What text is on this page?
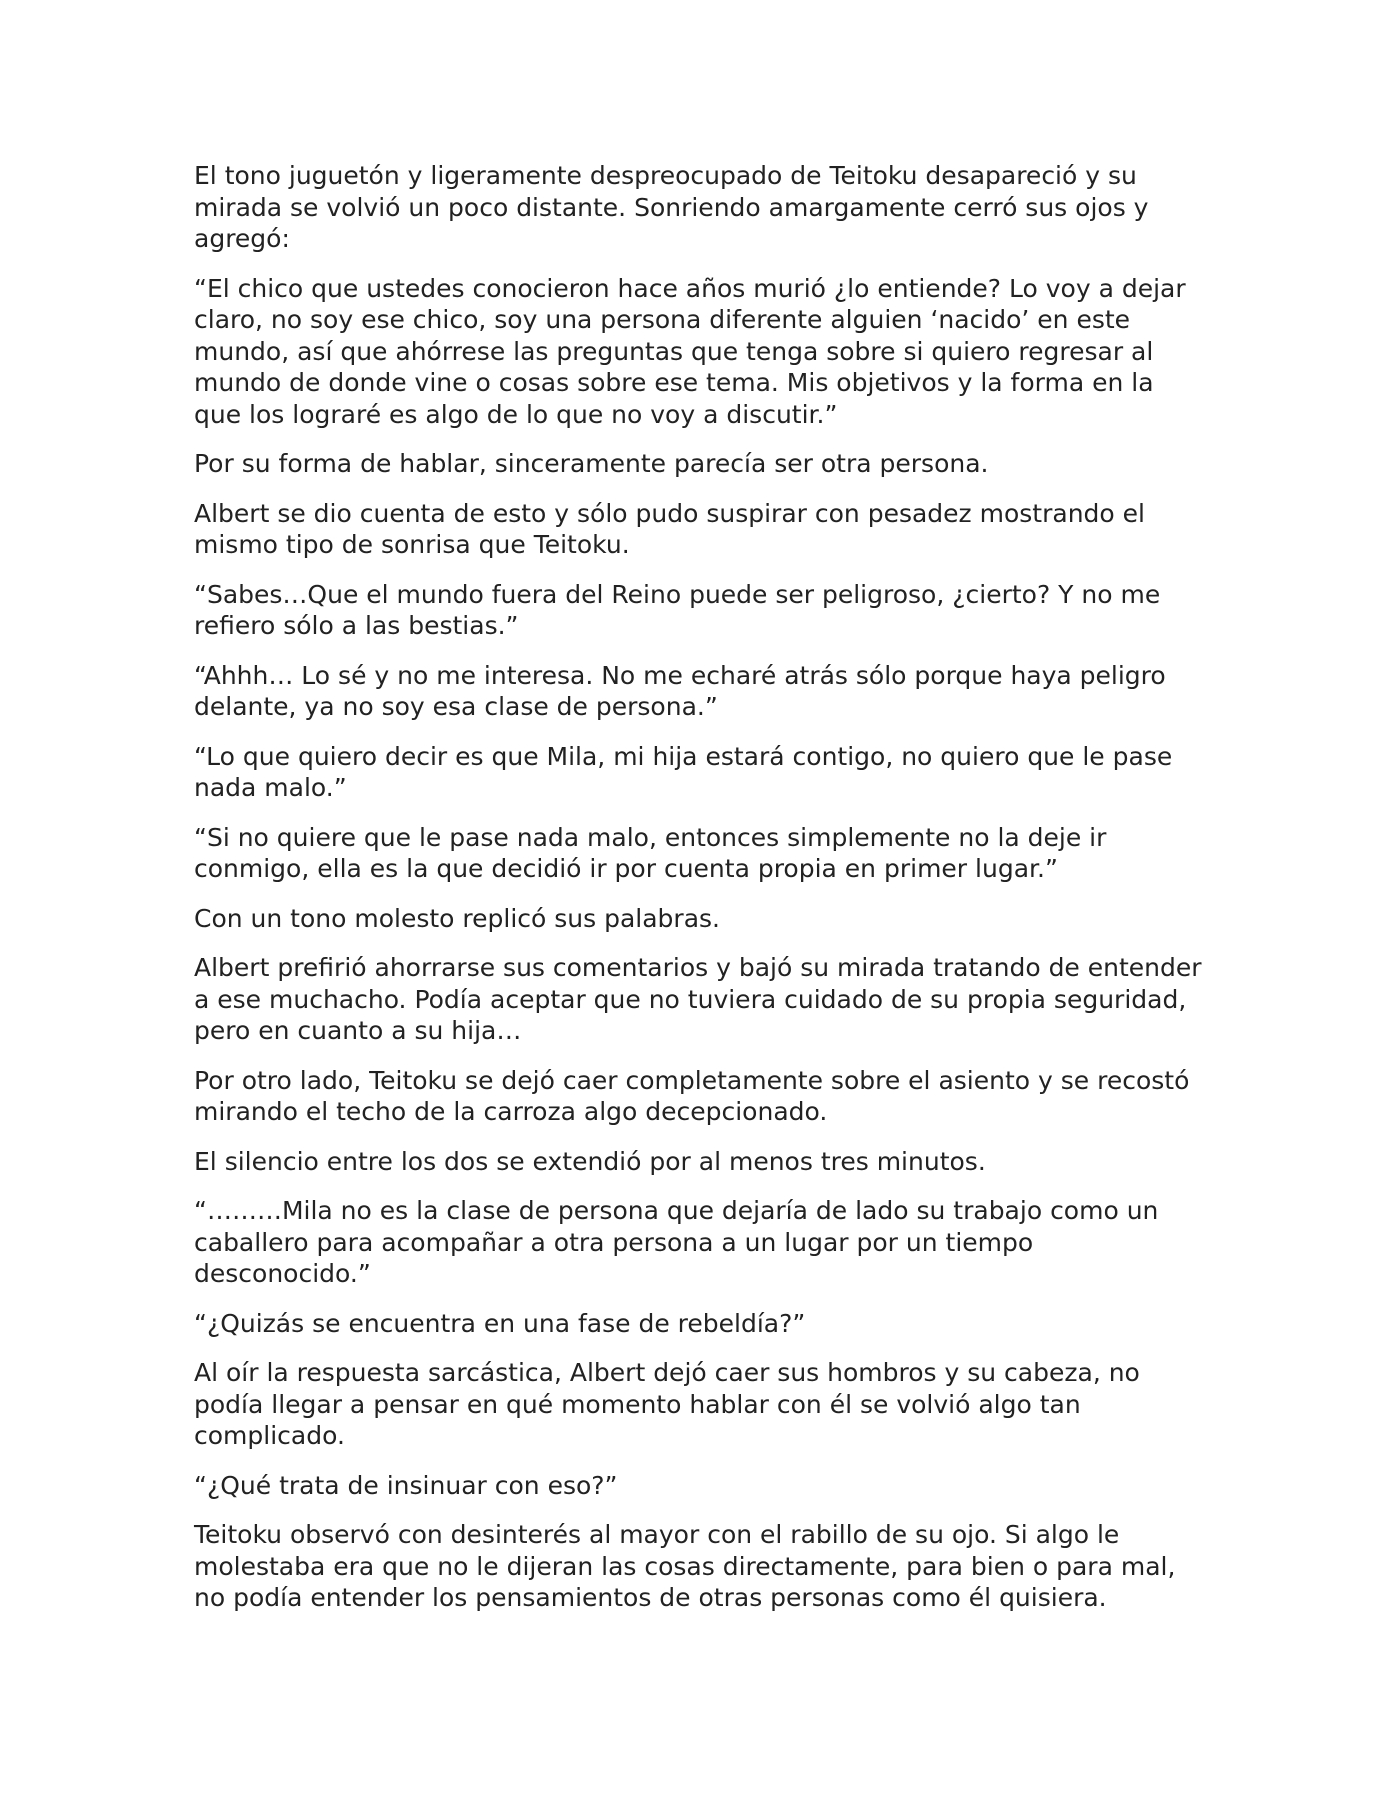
El tono juguetón y ligeramente despreocupado de Teitoku desapareció y su mirada se volvió un poco distante. Sonriendo amargamente cerró sus ojos y agregó:

“El chico que ustedes conocieron hace años murió ¿lo entiende? Lo voy a dejar claro, no soy ese chico, soy una persona diferente alguien ‘nacido’ en este mundo, así que ahórrese las preguntas que tenga sobre si quiero regresar al mundo de donde vine o cosas sobre ese tema. Mis objetivos y la forma en la que los lograré es algo de lo que no voy a discutir.”

Por su forma de hablar, sinceramente parecía ser otra persona.

Albert se dio cuenta de esto y sólo pudo suspirar con pesadez mostrando el mismo tipo de sonrisa que Teitoku.

“Sabes…Que el mundo fuera del Reino puede ser peligroso, ¿cierto? Y no me refiero sólo a las bestias.”

“Ahhh… Lo sé y no me interesa. No me echaré atrás sólo porque haya peligro delante, ya no soy esa clase de persona.”

“Lo que quiero decir es que Mila, mi hija estará contigo, no quiero que le pase nada malo.”

“Si no quiere que le pase nada malo, entonces simplemente no la deje ir conmigo, ella es la que decidió ir por cuenta propia en primer lugar.”

Con un tono molesto replicó sus palabras.

Albert prefirió ahorrarse sus comentarios y bajó su mirada tratando de entender a ese muchacho. Podía aceptar que no tuviera cuidado de su propia seguridad, pero en cuanto a su hija…

Por otro lado, Teitoku se dejó caer completamente sobre el asiento y se recostó mirando el techo de la carroza algo decepcionado.

El silencio entre los dos se extendió por al menos tres minutos.

“………Mila no es la clase de persona que dejaría de lado su trabajo como un caballero para acompañar a otra persona a un lugar por un tiempo desconocido.”

“¿Quizás se encuentra en una fase de rebeldía?”

Al oír la respuesta sarcástica, Albert dejó caer sus hombros y su cabeza, no podía llegar a pensar en qué momento hablar con él se volvió algo tan complicado.

“¿Qué trata de insinuar con eso?”

Teitoku observó con desinterés al mayor con el rabillo de su ojo. Si algo le molestaba era que no le dijeran las cosas directamente, para bien o para mal, no podía entender los pensamientos de otras personas como él quisiera.
